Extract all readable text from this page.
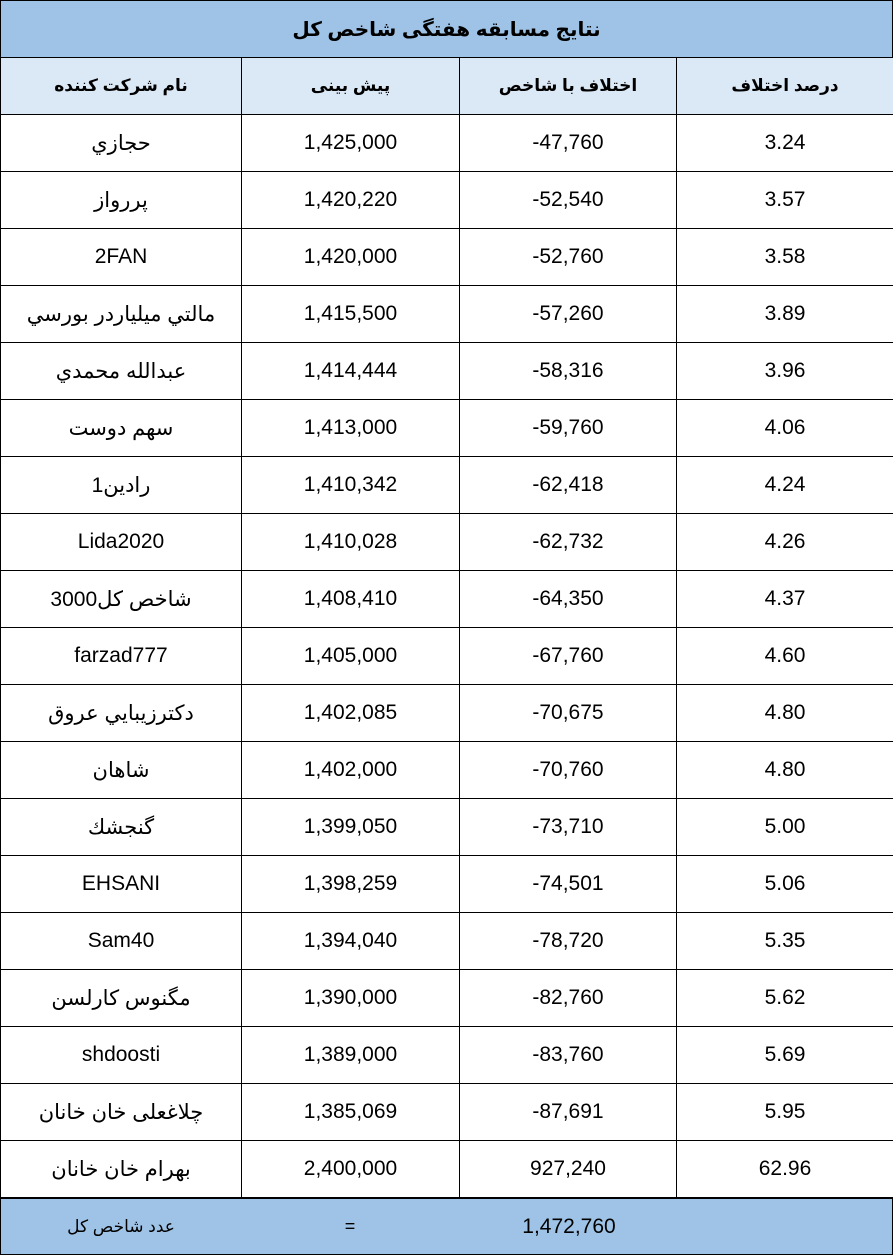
نتایج مسابقه هفتگی شاخص کل
نام شرکت کننده	پیش بینی	اختلاف با شاخص	درصد اختلاف
حجازي	1,425,000	-47,760	3.24
پررواز	1,420,220	-52,540	3.57
2FAN	1,420,000	-52,760	3.58
مالتي ميليارد‌ر بورسي	1,415,500	-57,260	3.89
عبدالله محمدي	1,414,444	-58,316	3.96
سهم دوست	1,413,000	-59,760	4.06
رادين1	1,410,342	-62,418	4.24
Lida2020	1,410,028	-62,732	4.26
شاخص کل3000	1,408,410	-64,350	4.37
farzad777	1,405,000	-67,760	4.60
دکترزيبايي عروق	1,402,085	-70,675	4.80
شاهان	1,402,000	-70,760	4.80
گنجشك	1,399,050	-73,710	5.00
EHSANI	1,398,259	-74,501	5.06
Sam40	1,394,040	-78,720	5.35
مگنوس كارلسن	1,390,000	-82,760	5.62
shdoosti	1,389,000	-83,760	5.69
چلاغعلی خان خانان	1,385,069	-87,691	5.95
بهرام خان خانان	2,400,000	927,240	62.96
عدد شاخص کل	=	1,472,760
